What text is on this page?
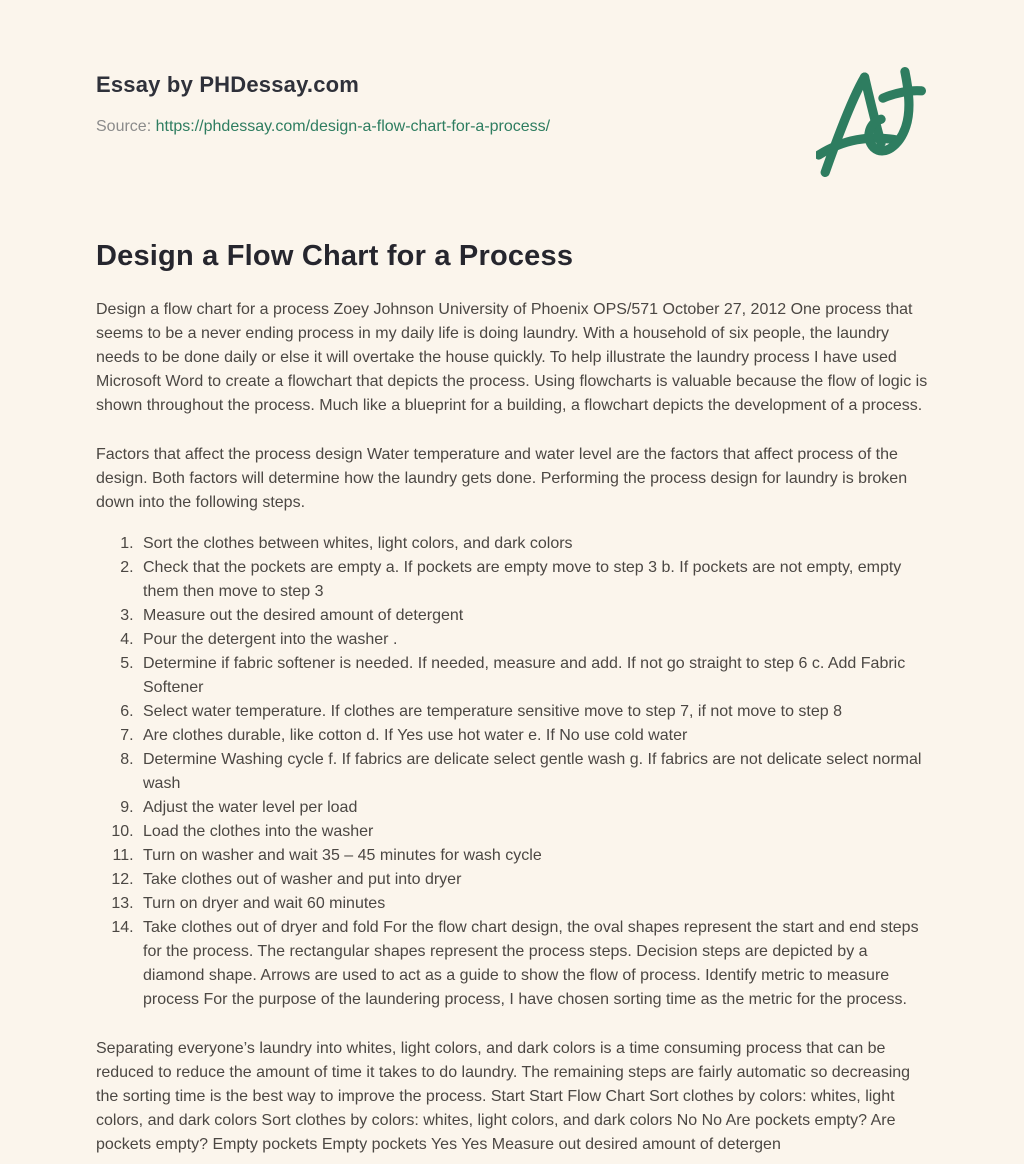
Essay by PHDessay.com
Source: https://phdessay.com/design-a-flow-chart-for-a-process/
Design a Flow Chart for a Process

Design a flow chart for a process Zoey Johnson University of Phoenix OPS/571 October 27, 2012 One process that seems to be a never ending process in my daily life is doing laundry. With a household of six people, the laundry needs to be done daily or else it will overtake the house quickly. To help illustrate the laundry process I have used Microsoft Word to create a flowchart that depicts the process. Using flowcharts is valuable because the flow of logic is shown throughout the process. Much like a blueprint for a building, a flowchart depicts the development of a process.

Factors that affect the process design Water temperature and water level are the factors that affect process of the design. Both factors will determine how the laundry gets done. Performing the process design for laundry is broken down into the following steps.

1. Sort the clothes between whites, light colors, and dark colors
2. Check that the pockets are empty a. If pockets are empty move to step 3 b. If pockets are not empty, empty them then move to step 3
3. Measure out the desired amount of detergent
4. Pour the detergent into the washer .
5. Determine if fabric softener is needed. If needed, measure and add. If not go straight to step 6 c. Add Fabric Softener
6. Select water temperature. If clothes are temperature sensitive move to step 7, if not move to step 8
7. Are clothes durable, like cotton d. If Yes use hot water e. If No use cold water
8. Determine Washing cycle f. If fabrics are delicate select gentle wash g. If fabrics are not delicate select normal wash
9. Adjust the water level per load
10. Load the clothes into the washer
11. Turn on washer and wait 35 – 45 minutes for wash cycle
12. Take clothes out of washer and put into dryer
13. Turn on dryer and wait 60 minutes
14. Take clothes out of dryer and fold For the flow chart design, the oval shapes represent the start and end steps for the process. The rectangular shapes represent the process steps. Decision steps are depicted by a diamond shape. Arrows are used to act as a guide to show the flow of process. Identify metric to measure process For the purpose of the laundering process, I have chosen sorting time as the metric for the process.

Separating everyone’s laundry into whites, light colors, and dark colors is a time consuming process that can be reduced to reduce the amount of time it takes to do laundry. The remaining steps are fairly automatic so decreasing the sorting time is the best way to improve the process. Start Start Flow Chart Sort clothes by colors: whites, light colors, and dark colors Sort clothes by colors: whites, light colors, and dark colors No No Are pockets empty? Are pockets empty? Empty pockets Empty pockets Yes Yes Measure out desired amount of detergen
